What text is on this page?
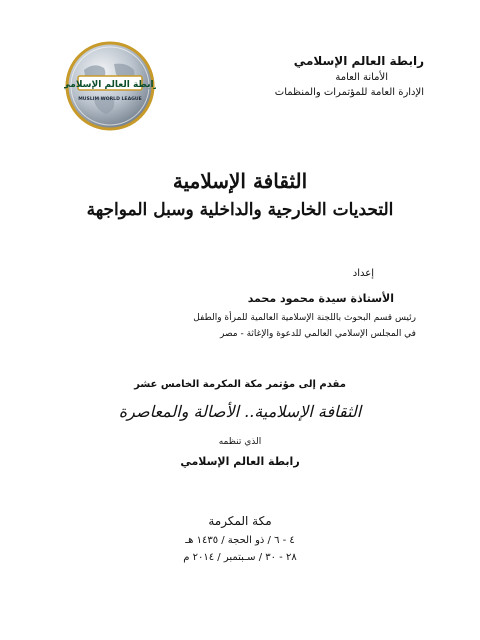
رابطة العالم الإسلامي
الأمانة العامة
الإدارة العامة للمؤتمرات والمنظمات
رابطة العالم الإسلامي
MUSLIM WORLD LEAGUE
الثقافة الإسلامية
التحديات الخارجية والداخلية وسبل المواجهة
إعداد
الأستاذة سيدة محمود محمد
رئيس قسم البحوث باللجنة الإسلامية العالمية للمرأة والطفل
في المجلس الإسلامي العالمي للدعوة والإغاثة - مصر
مقدم إلى مؤتمر مكة المكرمة الخامس عشر
الثقافة الإسلامية.. الأصالة والمعاصرة
الذي تنظمه
رابطة العالم الإسلامي
مكة المكرمة
٤ - ٦ / ذو الحجة / ١٤٣٥ هـ
٢٨ - ٣٠ / سـبتمبر / ٢٠١٤ م
